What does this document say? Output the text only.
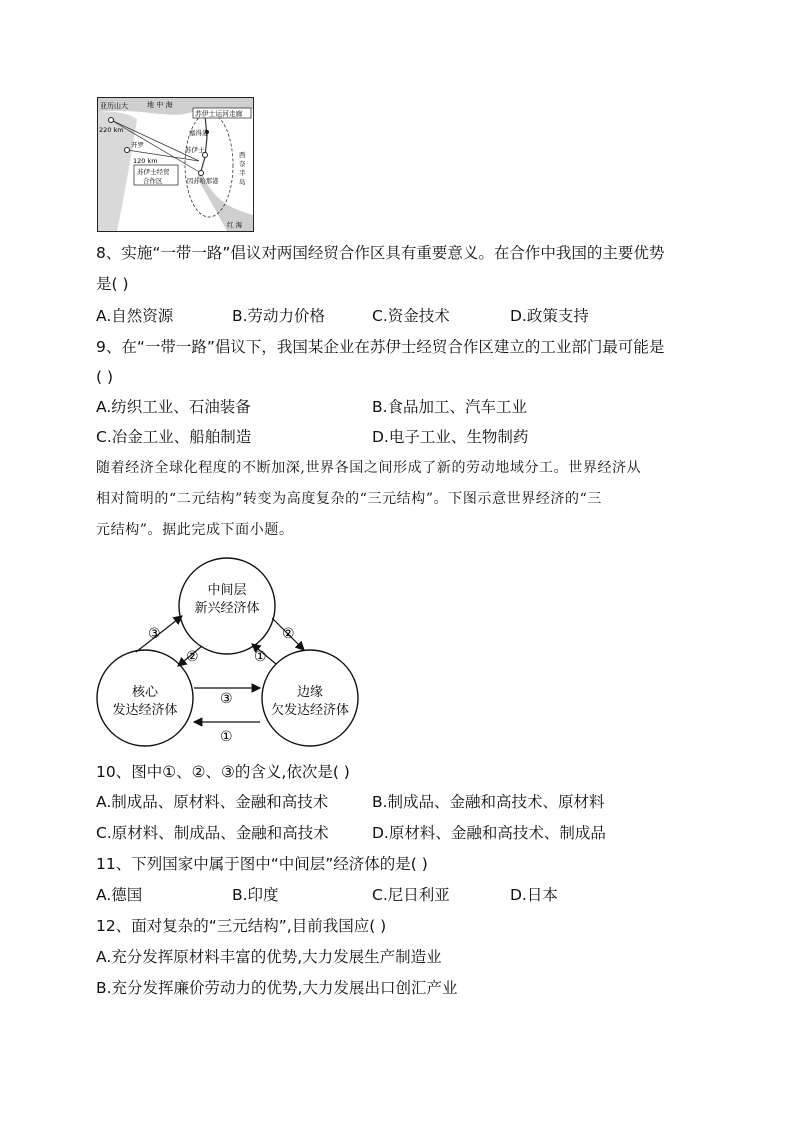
亚历山大	地 中 海
苏伊士运河走廊
塞得港
苏伊士
220 km
开罗
120 km
苏伊士经贸
合作区	因苏哈那港
西
奈
半
岛
红 海
8、实施“一带一路”倡议对两国经贸合作区具有重要意义。在合作中我国的主要优势
是( )
A.自然资源	B.劳动力价格	C.资金技术	D.政策支持
9、在“一带一路”倡议下，我国某企业在苏伊士经贸合作区建立的工业部门最可能是
( )
A.纺织工业、石油装备	B.食品加工、汽车工业
C.冶金工业、船舶制造	D.电子工业、生物制药
随着经济全球化程度的不断加深,世界各国之间形成了新的劳动地域分工。世界经济从
相对简明的“二元结构”转变为高度复杂的“三元结构”。下图示意世界经济的“三
元结构”。据此完成下面小题。
中间层
新兴经济体
核心
发达经济体
边缘
欠发达经济体
③
②	①
②
③
①
10、图中①、②、③的含义,依次是( )
A.制成品、原材料、金融和高技术	B.制成品、金融和高技术、原材料
C.原材料、制成品、金融和高技术	D.原材料、金融和高技术、制成品
11、下列国家中属于图中“中间层”经济体的是( )
A.德国	B.印度	C.尼日利亚	D.日本
12、面对复杂的“三元结构”,目前我国应( )
A.充分发挥原材料丰富的优势,大力发展生产制造业
B.充分发挥廉价劳动力的优势,大力发展出口创汇产业
